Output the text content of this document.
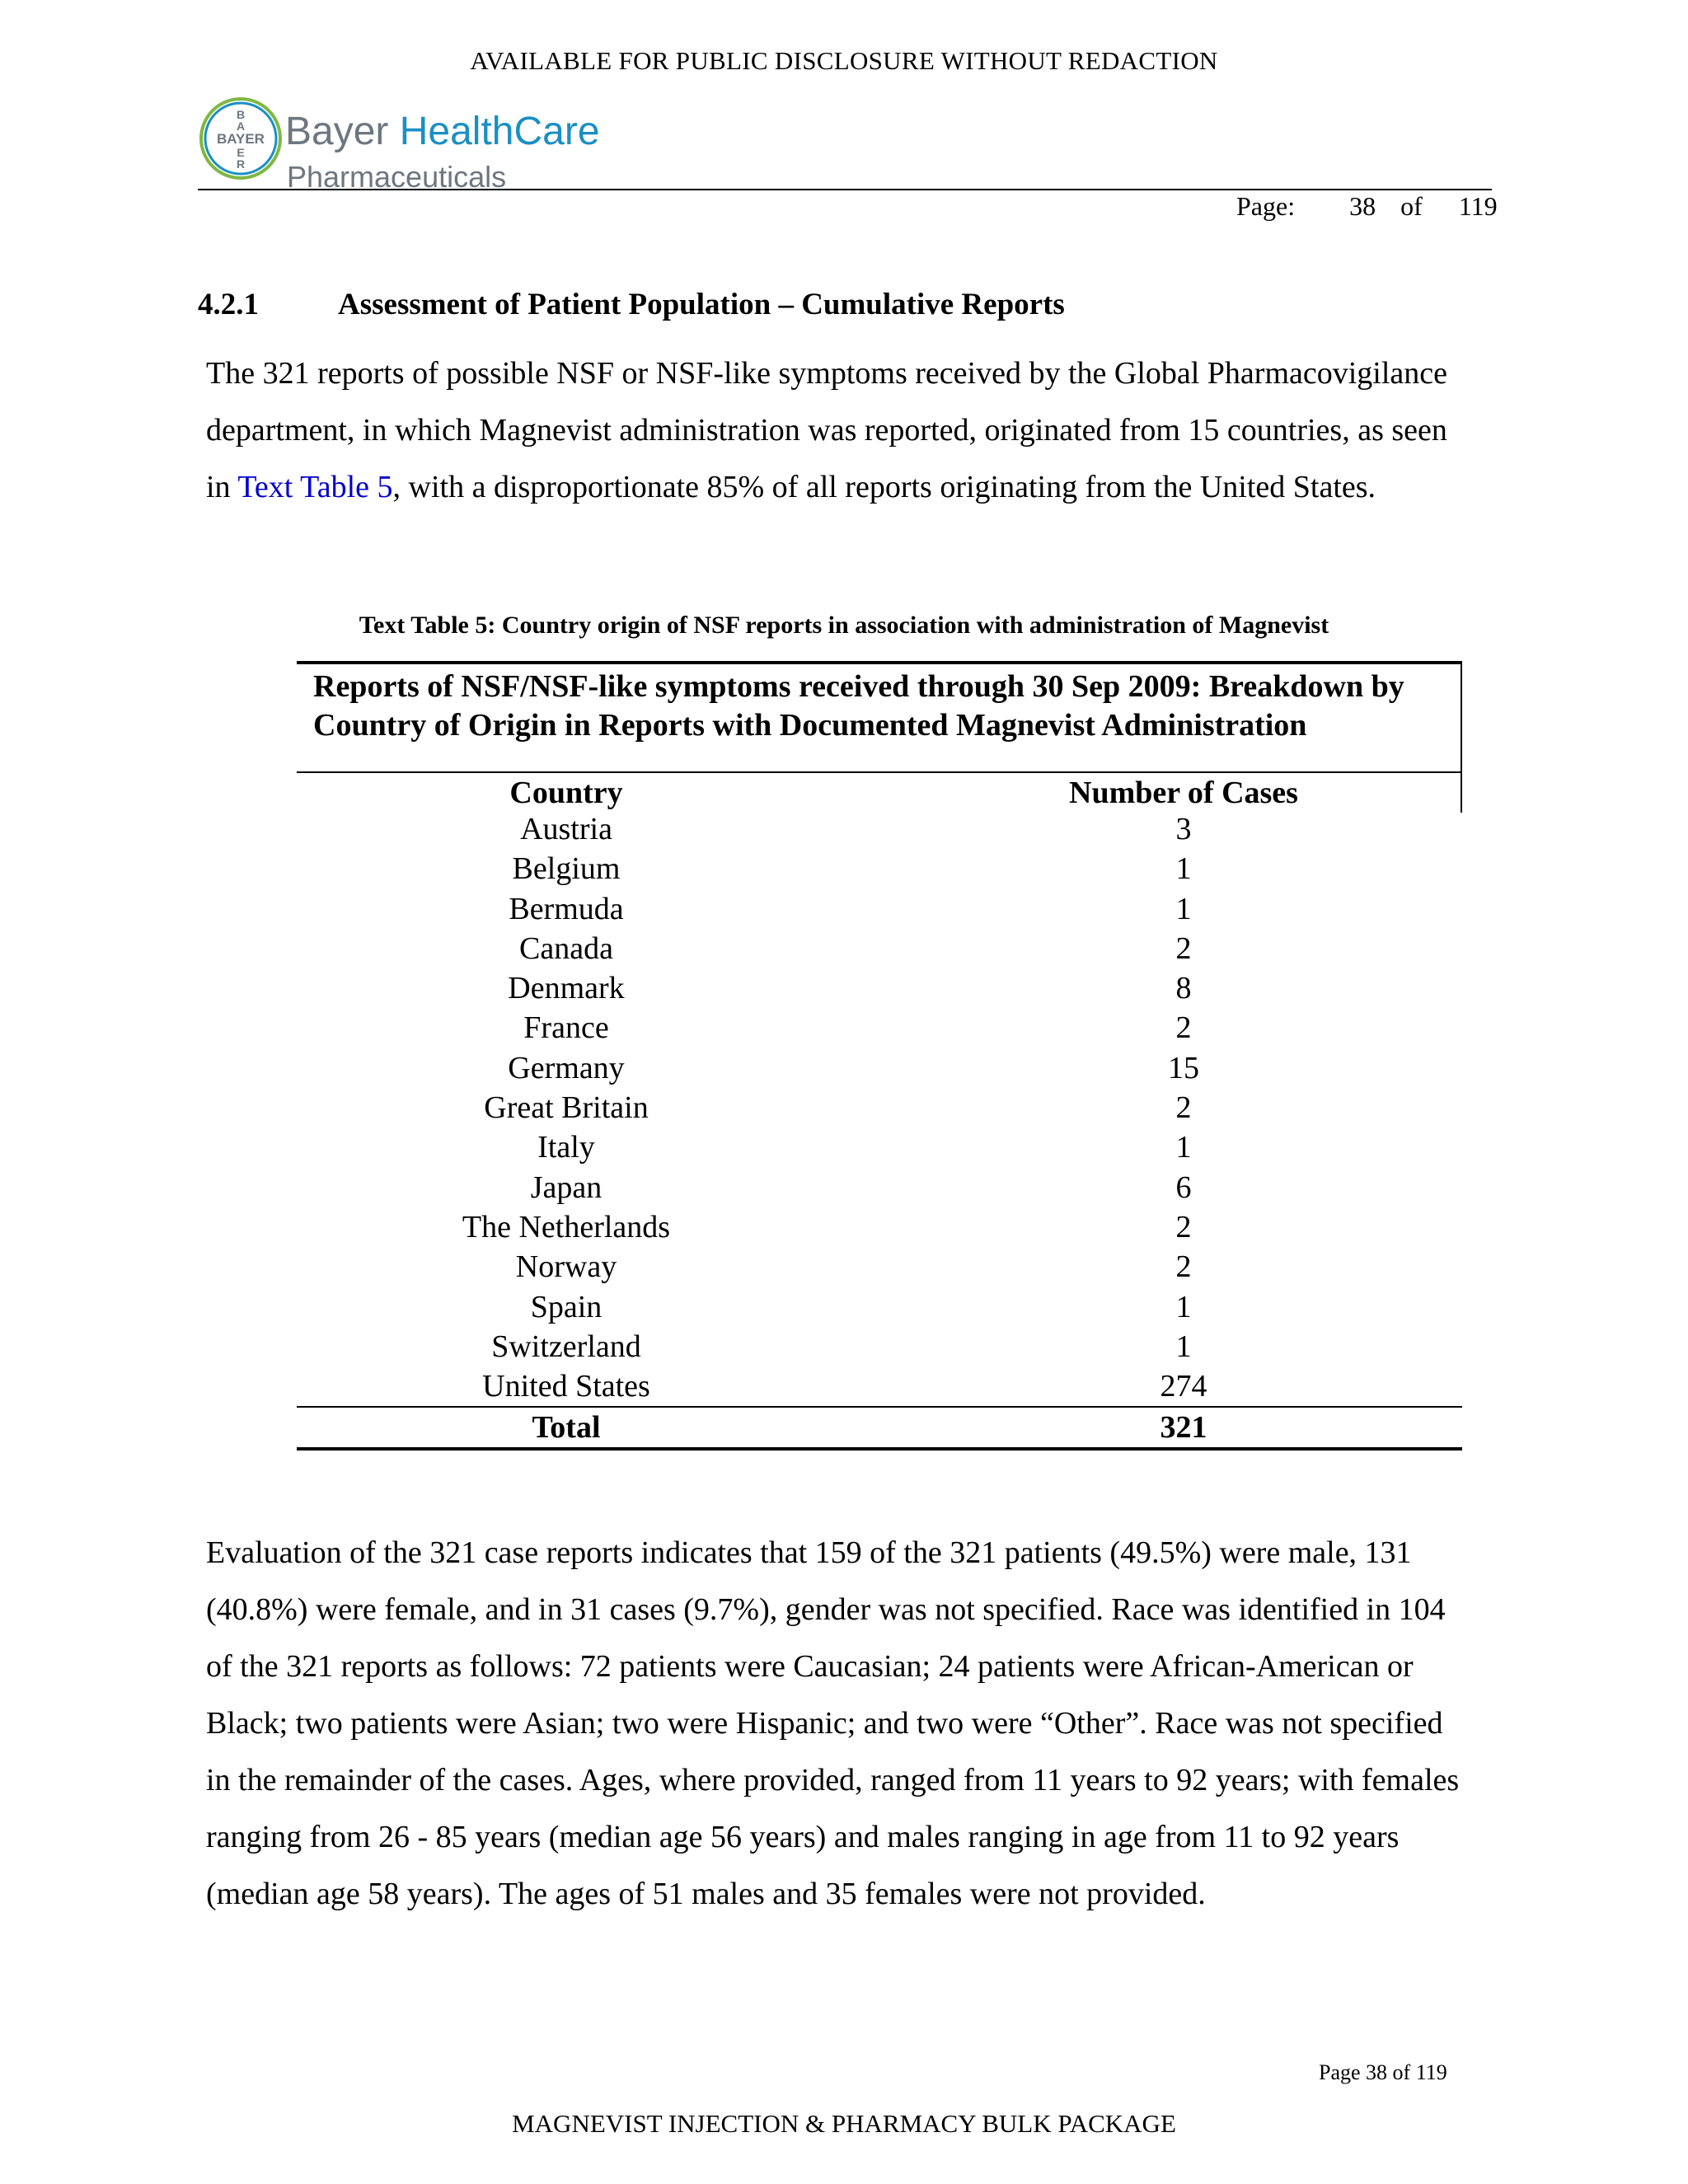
AVAILABLE FOR PUBLIC DISCLOSURE WITHOUT REDACTION
BAYER
B
A
E
R
Bayer HealthCare
Pharmaceuticals
Page: 38 of 119
4.2.1	Assessment of Patient Population – Cumulative Reports
The 321 reports of possible NSF or NSF-like symptoms received by the Global Pharmacovigilance department, in which Magnevist administration was reported, originated from 15 countries, as seen in Text Table 5, with a disproportionate 85% of all reports originating from the United States.
Text Table 5: Country origin of NSF reports in association with administration of Magnevist
Reports of NSF/NSF-like symptoms received through 30 Sep 2009: Breakdown by Country of Origin in Reports with Documented Magnevist Administration
Country	Number of Cases
Austria	3
Belgium	1
Bermuda	1
Canada	2
Denmark	8
France	2
Germany	15
Great Britain	2
Italy	1
Japan	6
The Netherlands	2
Norway	2
Spain	1
Switzerland	1
United States	274
Total	321
Evaluation of the 321 case reports indicates that 159 of the 321 patients (49.5%) were male, 131 (40.8%) were female, and in 31 cases (9.7%), gender was not specified. Race was identified in 104 of the 321 reports as follows: 72 patients were Caucasian; 24 patients were African-American or Black; two patients were Asian; two were Hispanic; and two were “Other”. Race was not specified in the remainder of the cases. Ages, where provided, ranged from 11 years to 92 years; with females ranging from 26 - 85 years (median age 56 years) and males ranging in age from 11 to 92 years (median age 58 years). The ages of 51 males and 35 females were not provided.
Page 38 of 119
MAGNEVIST INJECTION & PHARMACY BULK PACKAGE
